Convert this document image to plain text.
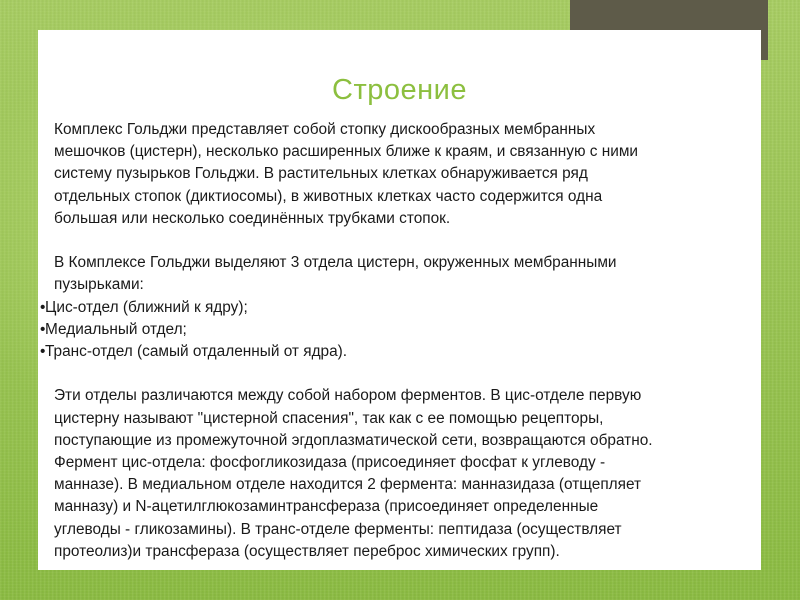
Строение

Комплекс Гольджи представляет собой стопку дискообразных мембранных

мешочков (цистерн), несколько расширенных ближе к краям, и связанную с ними

систему пузырьков Гольджи. В растительных клетках обнаруживается ряд

отдельных стопок (диктиосомы), в животных клетках часто содержится одна

большая или несколько соединённых трубками стопок.

В Комплексе Гольджи выделяют 3 отдела цистерн, окруженных мембранными

пузырьками:

•Цис-отдел (ближний к ядру);

•Медиальный отдел;

•Транс-отдел (самый отдаленный от ядра).

Эти отделы различаются между собой набором ферментов. В цис-отделе первую

цистерну называют "цистерной спасения", так как с ее помощью рецепторы,

поступающие из промежуточной эгдоплазматической сети, возвращаются обратно.

Фермент цис-отдела: фосфогликозидаза (присоединяет фосфат к углеводу -

манназе). В медиальном отделе находится 2 фермента: манназидаза (отщепляет

манназу) и N-ацетилглюкозаминтрансфераза (присоединяет определенные

углеводы - гликозамины). В транс-отделе ферменты: пептидаза (осуществляет

протеолиз)и трансфераза (осуществляет переброс химических групп).
